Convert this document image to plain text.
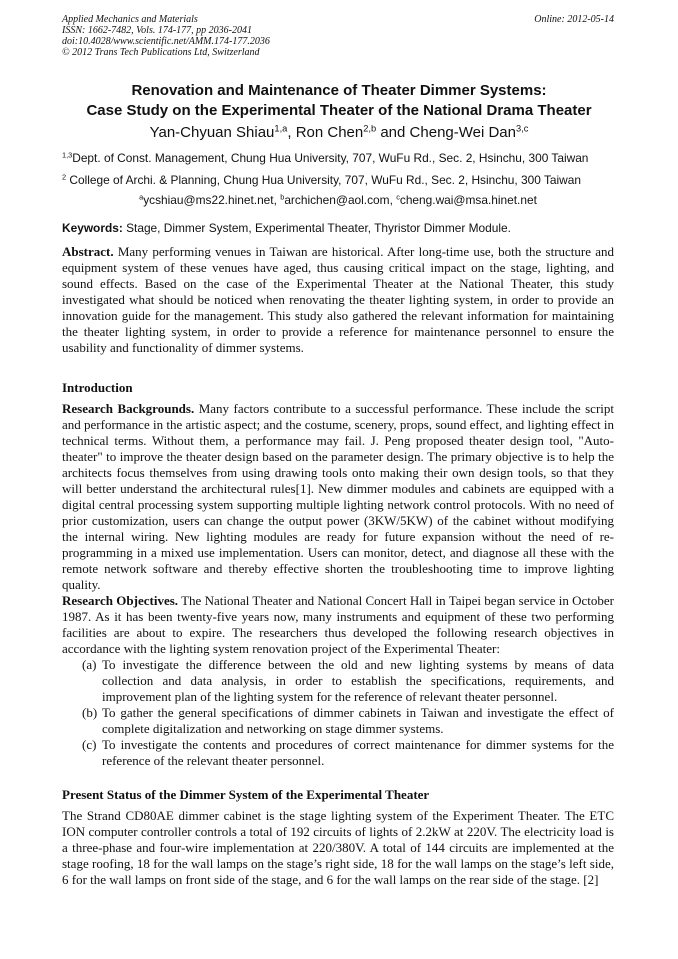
Applied Mechanics and Materials
ISSN: 1662-7482, Vols. 174-177, pp 2036-2041
doi:10.4028/www.scientific.net/AMM.174-177.2036
© 2012 Trans Tech Publications Ltd, Switzerland
Online: 2012-05-14
Renovation and Maintenance of Theater Dimmer Systems:
Case Study on the Experimental Theater of the National Drama Theater
Yan-Chyuan Shiau$^{1,a}$, Ron Chen$^{2,b}$ and Cheng-Wei Dan$^{3,c}$
$^{1,3}$Dept. of Const. Management, Chung Hua University, 707, WuFu Rd., Sec. 2, Hsinchu, 300 Taiwan
$^2$ College of Archi. & Planning, Chung Hua University, 707, WuFu Rd., Sec. 2, Hsinchu, 300 Taiwan
$^a$ycshiau@ms22.hinet.net, $^b$archichen@aol.com, $^c$cheng.wai@msa.hinet.net
Keywords: Stage, Dimmer System, Experimental Theater, Thyristor Dimmer Module.

Abstract. Many performing venues in Taiwan are historical. After long-time use, both the structure and equipment system of these venues have aged, thus causing critical impact on the stage, lighting, and sound effects. Based on the case of the Experimental Theater at the National Theater, this study investigated what should be noticed when renovating the theater lighting system, in order to provide an innovation guide for the management. This study also gathered the relevant information for maintaining the theater lighting system, in order to provide a reference for maintenance personnel to ensure the usability and functionality of dimmer systems.

Introduction

Research Backgrounds. Many factors contribute to a successful performance. These include the script and performance in the artistic aspect; and the costume, scenery, props, sound effect, and lighting effect in technical terms. Without them, a performance may fail. J. Peng proposed theater design tool, "Auto-theater" to improve the theater design based on the parameter design. The primary objective is to help the architects focus themselves from using drawing tools onto making their own design tools, so that they will better understand the architectural rules[1]. New dimmer modules and cabinets are equipped with a digital central processing system supporting multiple lighting network control protocols. With no need of prior customization, users can change the output power (3KW/5KW) of the cabinet without modifying the internal wiring. New lighting modules are ready for future expansion without the need of re-programming in a mixed use implementation. Users can monitor, detect, and diagnose all these with the remote network software and thereby effective shorten the troubleshooting time to improve lighting quality.

Research Objectives. The National Theater and National Concert Hall in Taipei began service in October 1987. As it has been twenty-five years now, many instruments and equipment of these two performing facilities are about to expire. The researchers thus developed the following research objectives in accordance with the lighting system renovation project of the Experimental Theater:

(a) To investigate the difference between the old and new lighting systems by means of data collection and data analysis, in order to establish the specifications, requirements, and improvement plan of the lighting system for the reference of relevant theater personnel.
(b) To gather the general specifications of dimmer cabinets in Taiwan and investigate the effect of complete digitalization and networking on stage dimmer systems.
(c) To investigate the contents and procedures of correct maintenance for dimmer systems for the reference of the relevant theater personnel.
Present Status of the Dimmer System of the Experimental Theater

The Strand CD80AE dimmer cabinet is the stage lighting system of the Experiment Theater. The ETC ION computer controller controls a total of 192 circuits of lights of 2.2kW at 220V. The electricity load is a three-phase and four-wire implementation at 220/380V. A total of 144 circuits are implemented at the stage roofing, 18 for the wall lamps on the stage’s right side, 18 for the wall lamps on the stage’s left side, 6 for the wall lamps on front side of the stage, and 6 for the wall lamps on the rear side of the stage. [2]
